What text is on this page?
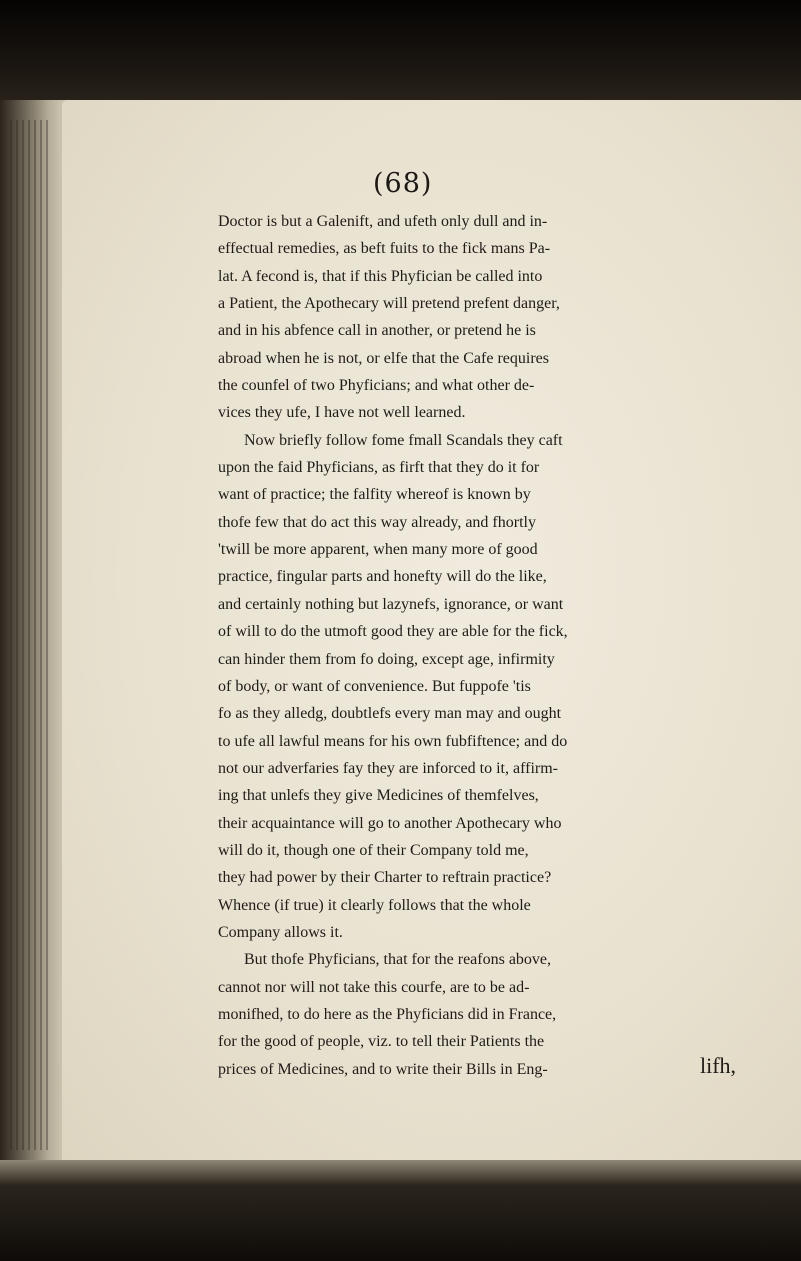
(68)
Doctor is but a Galenift, and ufeth only dull and in-
effectual remedies, as beft fuits to the fick mans Pa-
lat. A fecond is, that if this Phyfician be called into
a Patient, the Apothecary will pretend prefent danger,
and in his abfence call in another, or pretend he is
abroad when he is not, or elfe that the Cafe requires
the counfel of two Phyficians; and what other de-
vices they ufe, I have not well learned.
Now briefly follow fome fmall Scandals they caft
upon the faid Phyficians, as firft that they do it for
want of practice; the falfity whereof is known by
thofe few that do act this way already, and fhortly
'twill be more apparent, when many more of good
practice, fingular parts and honefty will do the like,
and certainly nothing but lazynefs, ignorance, or want
of will to do the utmoft good they are able for the fick,
can hinder them from fo doing, except age, infirmity
of body, or want of convenience. But fuppofe 'tis
fo as they alledg, doubtlefs every man may and ought
to ufe all lawful means for his own fubfiftence; and do
not our adverfaries fay they are inforced to it, affirm-
ing that unlefs they give Medicines of themfelves,
their acquaintance will go to another Apothecary who
will do it, though one of their Company told me,
they had power by their Charter to reftrain practice?
Whence (if true) it clearly follows that the whole
Company allows it.
But thofe Phyficians, that for the reafons above,
cannot nor will not take this courfe, are to be ad-
monifhed, to do here as the Phyficians did in France,
for the good of people, viz. to tell their Patients the
prices of Medicines, and to write their Bills in Eng-	lifh,
